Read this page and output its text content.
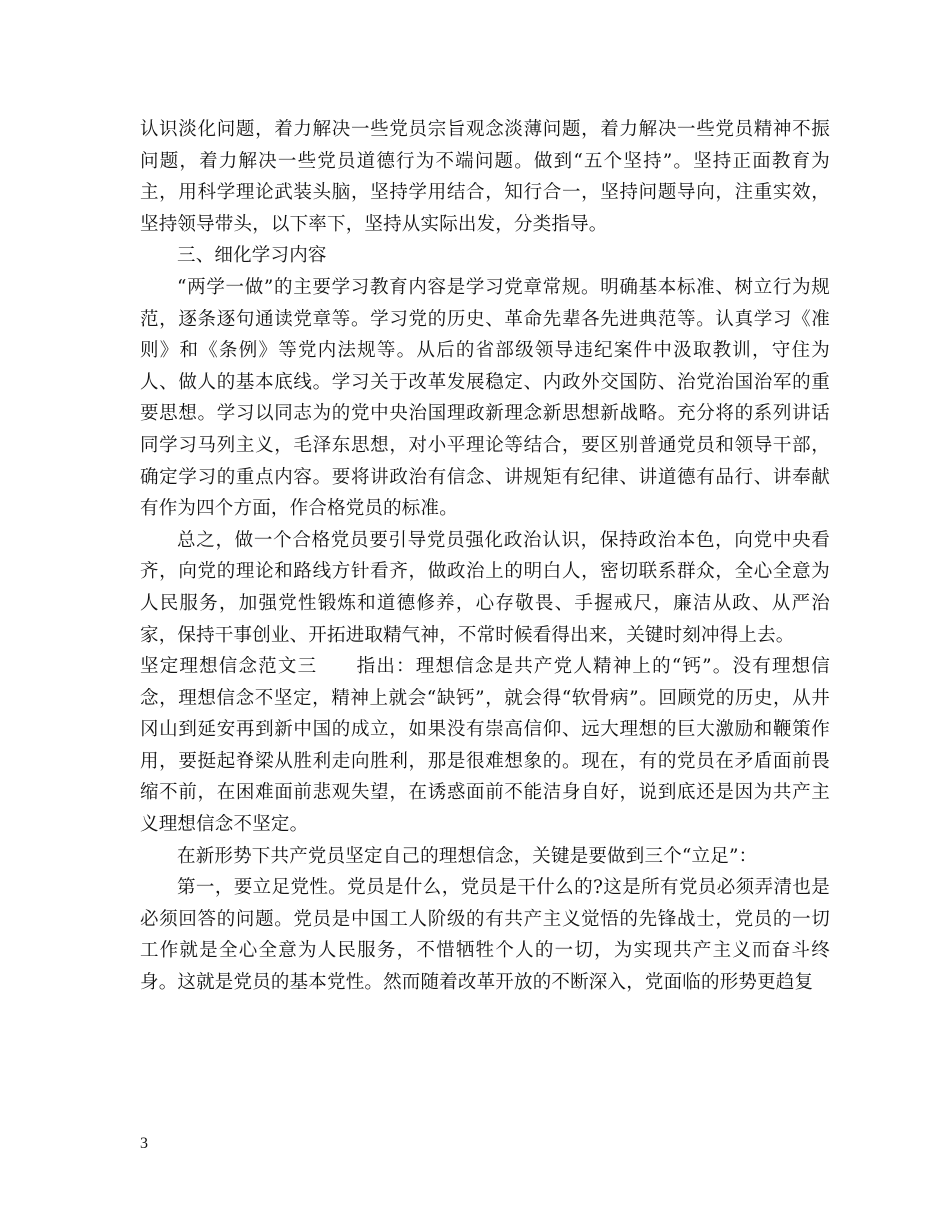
认识淡化问题，着力解决一些党员宗旨观念淡薄问题，着力解决一些党员精神不振问题，着力解决一些党员道德行为不端问题。做到“五个坚持”。坚持正面教育为主，用科学理论武装头脑，坚持学用结合，知行合一，坚持问题导向，注重实效，坚持领导带头，以下率下，坚持从实际出发，分类指导。

三、细化学习内容

“两学一做”的主要学习教育内容是学习党章常规。明确基本标准、树立行为规范，逐条逐句通读党章等。学习党的历史、革命先辈各先进典范等。认真学习《准则》和《条例》等党内法规等。从后的省部级领导违纪案件中汲取教训，守住为人、做人的基本底线。学习关于改革发展稳定、内政外交国防、治党治国治军的重要思想。学习以同志为的党中央治国理政新理念新思想新战略。充分将的系列讲话同学习马列主义，毛泽东思想，对小平理论等结合，要区别普通党员和领导干部，确定学习的重点内容。要将讲政治有信念、讲规矩有纪律、讲道德有品行、讲奉献有作为四个方面，作合格党员的标准。

总之，做一个合格党员要引导党员强化政治认识，保持政治本色，向党中央看齐，向党的理论和路线方针看齐，做政治上的明白人，密切联系群众，全心全意为人民服务，加强党性锻炼和道德修养，心存敬畏、手握戒尺，廉洁从政、从严治家，保持干事创业、开拓进取精气神，不常时候看得出来，关键时刻冲得上去。

坚定理想信念范文三　　指出：理想信念是共产党人精神上的“钙”。没有理想信念，理想信念不坚定，精神上就会“缺钙”，就会得“软骨病”。回顾党的历史，从井冈山到延安再到新中国的成立，如果没有崇高信仰、远大理想的巨大激励和鞭策作用，要挺起脊梁从胜利走向胜利，那是很难想象的。现在，有的党员在矛盾面前畏缩不前，在困难面前悲观失望，在诱惑面前不能洁身自好，说到底还是因为共产主义理想信念不坚定。

在新形势下共产党员坚定自己的理想信念，关键是要做到三个“立足”：

第一，要立足党性。党员是什么，党员是干什么的?这是所有党员必须弄清也是必须回答的问题。党员是中国工人阶级的有共产主义觉悟的先锋战士，党员的一切工作就是全心全意为人民服务，不惜牺牲个人的一切，为实现共产主义而奋斗终身。这就是党员的基本党性。然而随着改革开放的不断深入，党面临的形势更趋复

3
